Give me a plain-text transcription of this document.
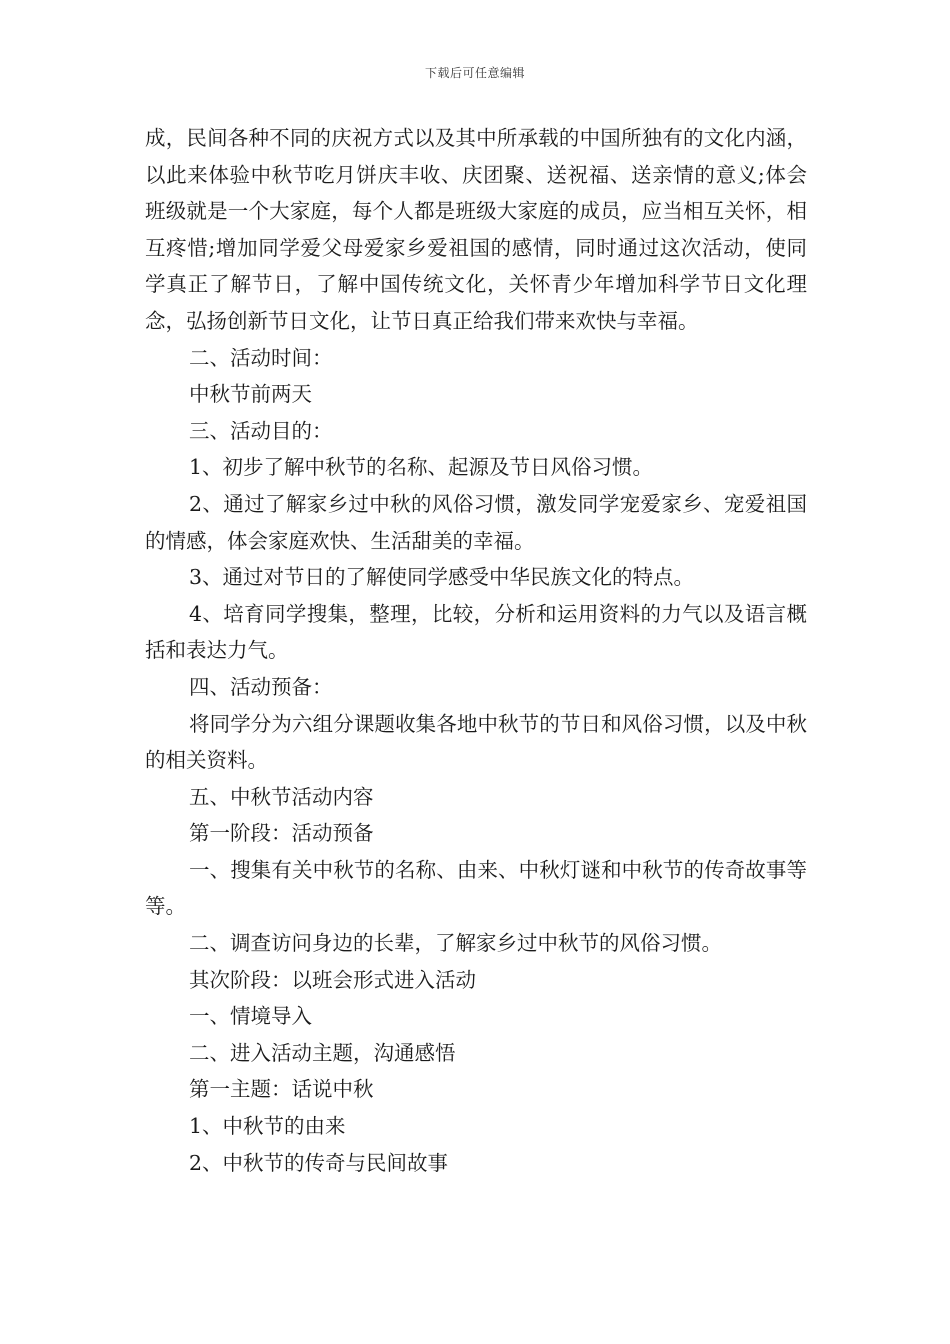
下载后可任意编辑

成，民间各种不同的庆祝方式以及其中所承载的中国所独有的文化内涵，以此来体验中秋节吃月饼庆丰收、庆团聚、送祝福、送亲情的意义;体会班级就是一个大家庭，每个人都是班级大家庭的成员，应当相互关怀，相互疼惜;增加同学爱父母爱家乡爱祖国的感情，同时通过这次活动，使同学真正了解节日，了解中国传统文化，关怀青少年增加科学节日文化理念，弘扬创新节日文化，让节日真正给我们带来欢快与幸福。

二、活动时间：

中秋节前两天

三、活动目的：

1、初步了解中秋节的名称、起源及节日风俗习惯。

2、通过了解家乡过中秋的风俗习惯，激发同学宠爱家乡、宠爱祖国的情感，体会家庭欢快、生活甜美的幸福。

3、通过对节日的了解使同学感受中华民族文化的特点。

4、培育同学搜集，整理，比较，分析和运用资料的力气以及语言概括和表达力气。

四、活动预备：

将同学分为六组分课题收集各地中秋节的节日和风俗习惯，以及中秋的相关资料。

五、中秋节活动内容

第一阶段：活动预备

一、搜集有关中秋节的名称、由来、中秋灯谜和中秋节的传奇故事等等。

二、调查访问身边的长辈，了解家乡过中秋节的风俗习惯。

其次阶段：以班会形式进入活动

一、情境导入

二、进入活动主题，沟通感悟

第一主题：话说中秋

1、中秋节的由来

2、中秋节的传奇与民间故事
